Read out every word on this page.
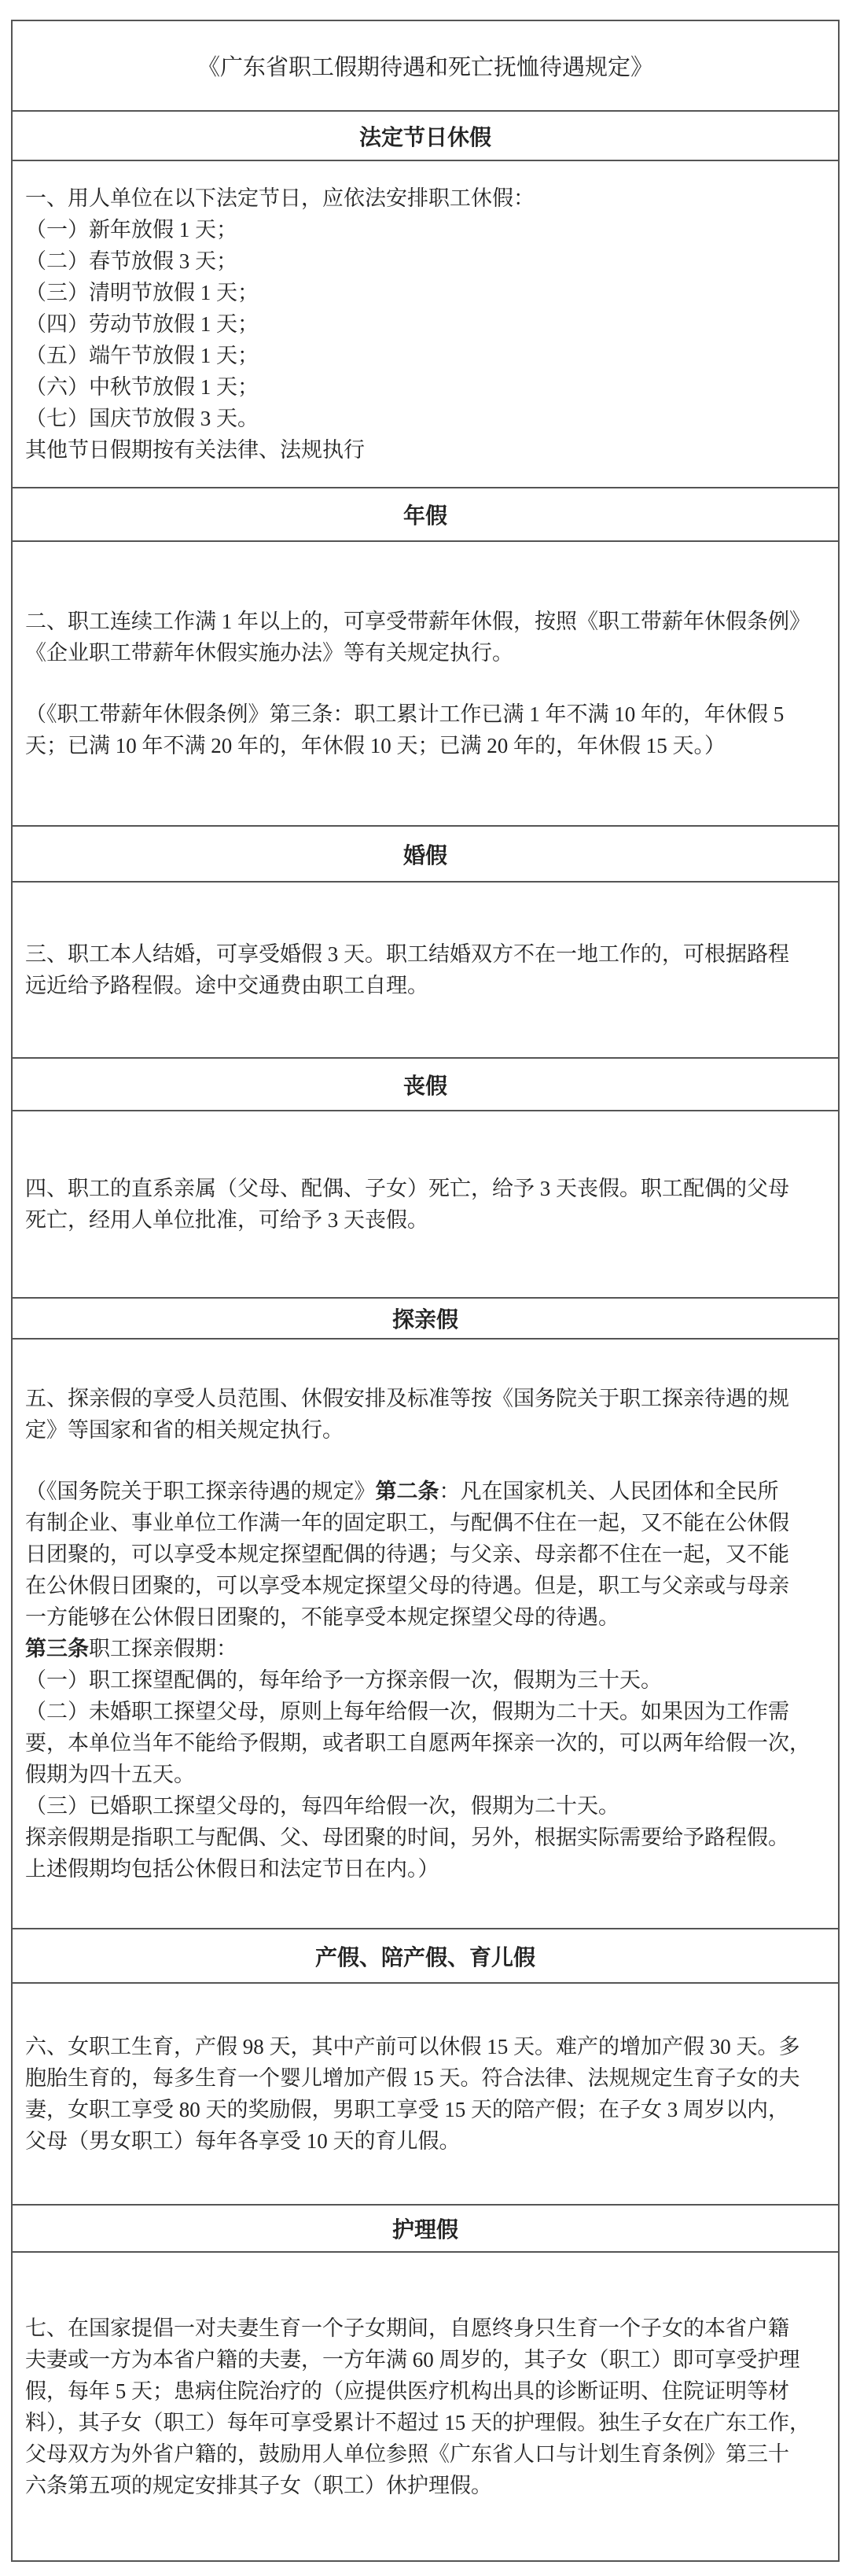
《广东省职工假期待遇和死亡抚恤待遇规定》
法定节日休假
一、用人单位在以下法定节日，应依法安排职工休假：
（一）新年放假 1 天；
（二）春节放假 3 天；
（三）清明节放假 1 天；
（四）劳动节放假 1 天；
（五）端午节放假 1 天；
（六）中秋节放假 1 天；
（七）国庆节放假 3 天。
其他节日假期按有关法律、法规执行
年假
二、职工连续工作满 1 年以上的，可享受带薪年休假，按照《职工带薪年休假条例》
《企业职工带薪年休假实施办法》等有关规定执行。
（《职工带薪年休假条例》第三条：职工累计工作已满 1 年不满 10 年的，年休假 5
天；已满 10 年不满 20 年的，年休假 10 天；已满 20 年的，年休假 15 天。）
婚假
三、职工本人结婚，可享受婚假 3 天。职工结婚双方不在一地工作的，可根据路程
远近给予路程假。途中交通费由职工自理。
丧假
四、职工的直系亲属（父母、配偶、子女）死亡，给予 3 天丧假。职工配偶的父母
死亡，经用人单位批准，可给予 3 天丧假。
探亲假
五、探亲假的享受人员范围、休假安排及标准等按《国务院关于职工探亲待遇的规
定》等国家和省的相关规定执行。
（《国务院关于职工探亲待遇的规定》第二条：凡在国家机关、人民团体和全民所
有制企业、事业单位工作满一年的固定职工，与配偶不住在一起，又不能在公休假
日团聚的，可以享受本规定探望配偶的待遇；与父亲、母亲都不住在一起，又不能
在公休假日团聚的，可以享受本规定探望父母的待遇。但是，职工与父亲或与母亲
一方能够在公休假日团聚的，不能享受本规定探望父母的待遇。
第三条职工探亲假期：
（一）职工探望配偶的，每年给予一方探亲假一次，假期为三十天。
（二）未婚职工探望父母，原则上每年给假一次，假期为二十天。如果因为工作需
要，本单位当年不能给予假期，或者职工自愿两年探亲一次的，可以两年给假一次，
假期为四十五天。
（三）已婚职工探望父母的，每四年给假一次，假期为二十天。
探亲假期是指职工与配偶、父、母团聚的时间，另外，根据实际需要给予路程假。
上述假期均包括公休假日和法定节日在内。）
产假、陪产假、育儿假
六、女职工生育，产假 98 天，其中产前可以休假 15 天。难产的增加产假 30 天。多
胞胎生育的，每多生育一个婴儿增加产假 15 天。符合法律、法规规定生育子女的夫
妻，女职工享受 80 天的奖励假，男职工享受 15 天的陪产假；在子女 3 周岁以内，
父母（男女职工）每年各享受 10 天的育儿假。
护理假
七、在国家提倡一对夫妻生育一个子女期间，自愿终身只生育一个子女的本省户籍
夫妻或一方为本省户籍的夫妻，一方年满 60 周岁的，其子女（职工）即可享受护理
假，每年 5 天；患病住院治疗的（应提供医疗机构出具的诊断证明、住院证明等材
料），其子女（职工）每年可享受累计不超过 15 天的护理假。独生子女在广东工作，
父母双方为外省户籍的，鼓励用人单位参照《广东省人口与计划生育条例》第三十
六条第五项的规定安排其子女（职工）休护理假。
